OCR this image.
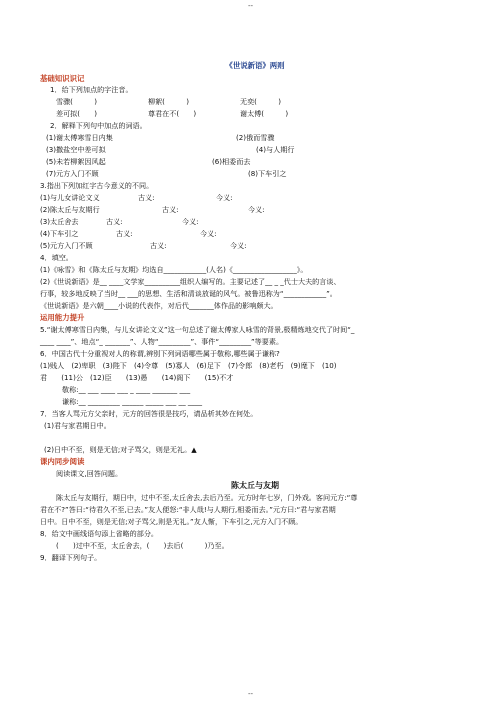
--
《世说新语》两则
基础知识识记
1．给下列加点的字注音。
雪骤(　　　)	柳絮(　　　)	无奕(　　　)
差可拟(　　)	尊君在不(　　)	谢太傅(　　　)
2．解释下列句中加点的词语。
(1)谢太傅寒雪日内集	(2)俄而雪骤
(3)撒盐空中差可拟	(4)与人期行
(5)未若柳絮因风起	(6)相委而去
(7)元方入门不顾	(8)下车引之
3.指出下列加红字古今意义的不同。
(1)与儿女讲论文义	古义:	今义:
(2)陈太丘与友期行	古义:	今义:
(3)太丘舍去	古义:	今义:
(4)下车引之	古义:	今义:
(5)元方入门不顾	古义:	今义:
4．填空。
(1)《咏雪》和《陈太丘与友期》均选自____________(人名)《__________________》。
(2)《世说新语》是__ ____文学家__________组织人编写的。主要记述了__ _ _代士大夫的言谈、
行事，较多地反映了当时__ ___的思想、生活和清谈放诞的风气。被鲁迅称为“____________”。
《世说新语》是六朝____小说的代表作，对后代_______体作品的影响颇大。
运用能力提升
5.“谢太傅寒雪日内集，与儿女讲论文义”这一句总述了谢太傅家人咏雪的背景,极精炼地交代了时间“_
____ ____”、地点“_ _______”、人物“_________”、事件“_________”等要素。
6．中国古代十分重视对人的称谓,辨别下列词语哪些属于敬称,哪些属于谦称?
(1)贱人　(2)卑职　(3)陛下　(4)令尊　(5)寡人　(6)足下　(7)令郎　(8)老朽　(9)麾下　(10)
君　　(11)公　(12)臣　　(13)愚　　(14)阁下　　(15)不才
敬称:__ ___ ____ ___ _ ____ _______ ___
谦称:__ _________ ______ _____ ___ __ ____
7．当客人骂元方父亲时，元方的回答很是技巧，请品析其妙在何处。
(1)君与家君期日中。
(2)日中不至，则是无信;对子骂父，则是无礼。▲
课内同步阅读
阅读课文,回答问题。
陈太丘与友期
陈太丘与友期行，期日中，过中不至,太丘舍去,去后乃至。元方时年七岁，门外戏。客问元方:“尊
君在不?”答曰:“待君久不至,已去。”友人便怒:“非人哉!与人期行,相委而去。”元方曰:“君与家君期
日中。日中不至，则是无信;对子骂父,则是无礼。”友人惭，下车引之,元方入门不顾。
8．给文中画线语句添上省略的部分。
(　　)过中不至，太丘舍去，(　　)去后(　　　)乃至。
9．翻译下列句子。
--
